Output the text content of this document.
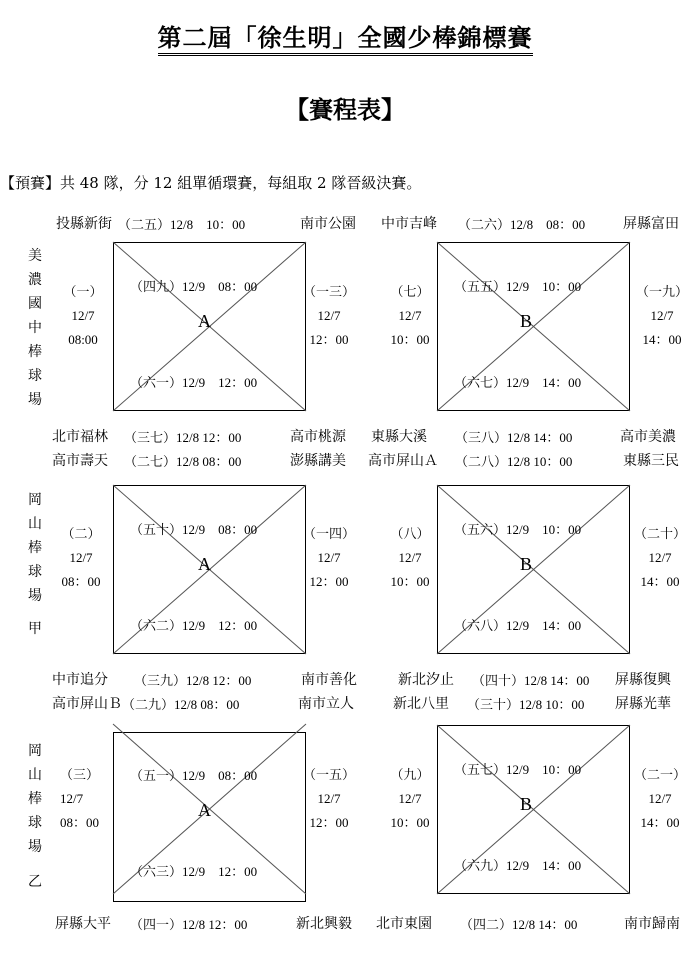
第二屆「徐生明」全國少棒錦標賽
【賽程表】
【預賽】共 48 隊，分 12 組單循環賽，每組取 2 隊晉級決賽。
投縣新街 （二五）12/8　10：00	南市公園 中市吉峰 （二六）12/8　08：00	屏縣富田
美濃國中棒球場
（一）
12/7
08:00
（四九）12/9　08：00
A
（六一）12/9　12：00
（一三）
12/7
12：00
（七）
12/7
10：00
（五五）12/9　10：00
B
（六七）12/9　14：00
（一九）
12/7
14：00
北市福林 （三七）12/8 12：00	高市桃源 東縣大溪 （三八）12/8 14：00	高市美濃
高市壽天 （二七）12/8 08：00	澎縣講美 高市屏山Ａ （二八）12/8 10：00	東縣三民
岡山棒球場
甲
（二）
12/7
08：00
（五十）12/9　08：00
A
（六二）12/9　12：00
（一四）
12/7
12：00
（八）
12/7
10：00
（五六）12/9　10：00
B
（六八）12/9　14：00
（二十）
12/7
14：00
中市追分 （三九）12/8 12：00	南市善化	新北汐止 （四十）12/8 14：00 屏縣復興
高市屏山Ｂ （二九）12/8 08：00	南市立人	新北八里 （三十）12/8 10：00 屏縣光華
岡山棒球場
乙
（三）
12/7
08：00
（五一）12/9　08：00
A
（六三）12/9　12：00
（一五）
12/7
12：00
（九）
12/7
10：00
（五七）12/9　10：00
B
（六九）12/9　14：00
（二一）
12/7
14：00
屏縣大平 （四一）12/8 12：00	新北興毅 北市東園 （四二）12/8 14：00	南市歸南
